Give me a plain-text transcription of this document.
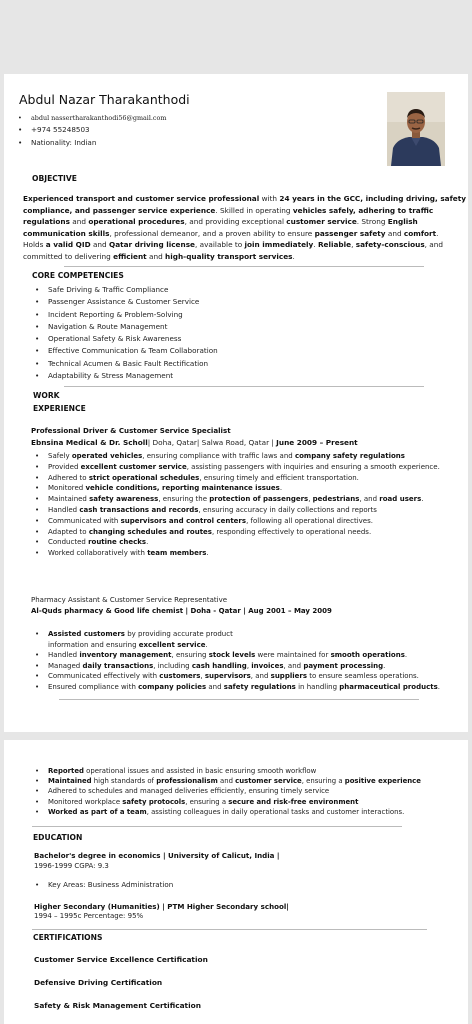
Abdul Nazar Tharakanthodi
• abdul nassertharakanthodi56@gmail.com
• +974 55248503
• Nationality: Indian
OBJECTIVE
Experienced transport and customer service professional with 24 years in the GCC, including driving, safety
compliance, and passenger service experience. Skilled in operating vehicles safely, adhering to traffic
regulations and operational procedures, and providing exceptional customer service. Strong English
communication skills, professional demeanor, and a proven ability to ensure passenger safety and comfort.
Holds a valid QID and Qatar driving license, available to join immediately. Reliable, safety-conscious, and
committed to delivering efficient and high-quality transport services.
CORE COMPETENCIES
• Safe Driving & Traffic Compliance
• Passenger Assistance & Customer Service
• Incident Reporting & Problem-Solving
• Navigation & Route Management
• Operational Safety & Risk Awareness
• Effective Communication & Team Collaboration
• Technical Acumen & Basic Fault Rectification
• Adaptability & Stress Management
WORK
EXPERIENCE
Professional Driver & Customer Service Specialist
Ebnsina Medical & Dr. Scholl| Doha, Qatar| Salwa Road, Qatar | June 2009 – Present
• Safely operated vehicles, ensuring compliance with traffic laws and company safety regulations
• Provided excellent customer service, assisting passengers with inquiries and ensuring a smooth experience.
• Adhered to strict operational schedules, ensuring timely and efficient transportation.
• Monitored vehicle conditions, reporting maintenance issues.
• Maintained safety awareness, ensuring the protection of passengers, pedestrians, and road users.
• Handled cash transactions and records, ensuring accuracy in daily collections and reports
• Communicated with supervisors and control centers, following all operational directives.
• Adapted to changing schedules and routes, responding effectively to operational needs.
• Conducted routine checks.
• Worked collaboratively with team members.
Pharmacy Assistant & Customer Service Representative
Al-Quds pharmacy & Good life chemist | Doha - Qatar | Aug 2001 – May 2009
• Assisted customers by providing accurate product
information and ensuring excellent service.
• Handled inventory management, ensuring stock levels were maintained for smooth operations.
• Managed daily transactions, including cash handling, invoices, and payment processing.
• Communicated effectively with customers, supervisors, and suppliers to ensure seamless operations.
• Ensured compliance with company policies and safety regulations in handling pharmaceutical products.
• Reported operational issues and assisted in basic ensuring smooth workflow
• Maintained high standards of professionalism and customer service, ensuring a positive experience
• Adhered to schedules and managed deliveries efficiently, ensuring timely service
• Monitored workplace safety protocols, ensuring a secure and risk-free environment
• Worked as part of a team, assisting colleagues in daily operational tasks and customer interactions.
EDUCATION
Bachelor's degree in economics | University of Calicut, India |
1996-1999 CGPA: 9.3
• Key Areas: Business Administration
Higher Secondary (Humanities) | PTM Higher Secondary school|
1994 – 1995c Percentage: 95%
CERTIFICATIONS
Customer Service Excellence Certification
Defensive Driving Certification
Safety & Risk Management Certification
